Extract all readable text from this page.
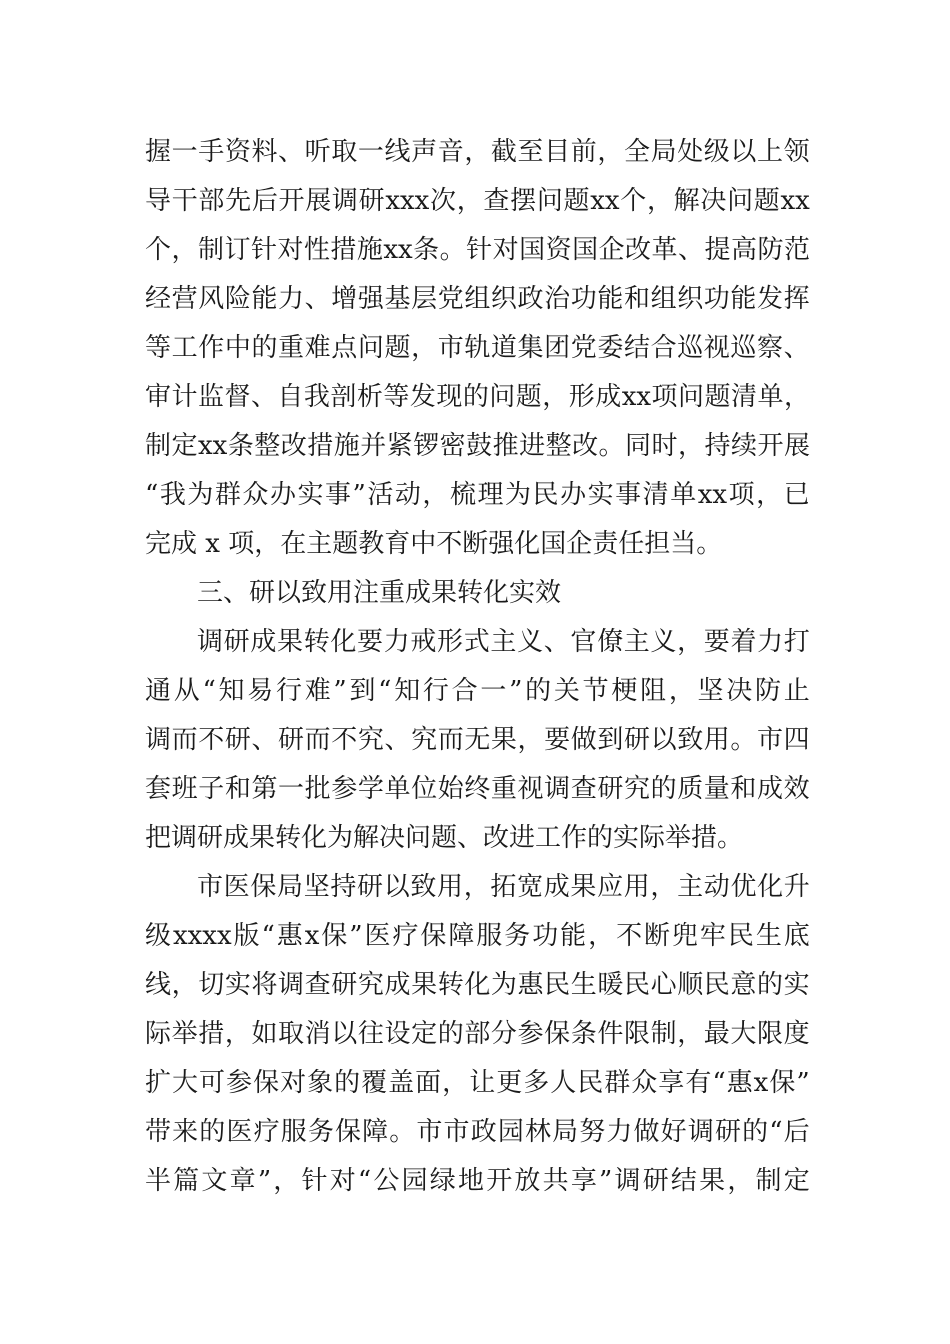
握 一 手 资 料 、 听 取 一 线 声 音 ， 截 至 目 前 ， 全 局 处 级 以 上 领
导 干 部 先 后 开 展 调 研 xxx 次 ， 查 摆 问 题 xx 个 ， 解 决 问 题 xx
个 ， 制 订 针 对 性 措 施 xx 条 。 针 对 国 资 国 企 改 革 、 提 高 防 范
经 营 风 险 能 力 、 增 强 基 层 党 组 织 政 治 功 能 和 组 织 功 能 发 挥
等 工 作 中 的 重 难 点 问 题 ， 市 轨 道 集 团 党 委 结 合 巡 视 巡 察 、
审 计 监 督 、 自 我 剖 析 等 发 现 的 问 题 ， 形 成 xx 项 问 题 清 单 ，
制 定 xx 条 整 改 措 施 并 紧 锣 密 鼓 推 进 整 改 。 同 时 ， 持 续 开 展
“ 我 为 群 众 办 实 事 ” 活 动 ， 梳 理 为 民 办 实 事 清 单 xx 项 ， 已
完成 x 项，在主题教育中不断强化国企责任担当。
三、研以致用注重成果转化实效
调 研 成 果 转 化 要 力 戒 形 式 主 义 、 官 僚 主 义 ， 要 着 力 打
通 从 “ 知 易 行 难 ” 到 “ 知 行 合 一 ” 的 关 节 梗 阻 ， 坚 决 防 止
调 而 不 研 、 研 而 不 究 、 究 而 无 果 ， 要 做 到 研 以 致 用 。 市 四
套 班 子 和 第 一 批 参 学 单 位 始 终 重 视 调 查 研 究 的 质 量 和 成 效
把调研成果转化为解决问题、改进工作的实际举措。
市 医 保 局 坚 持 研 以 致 用 ， 拓 宽 成 果 应 用 ， 主 动 优 化 升
级 xxxx 版 “ 惠 x 保 ” 医 疗 保 障 服 务 功 能 ， 不 断 兜 牢 民 生 底
线 ， 切 实 将 调 查 研 究 成 果 转 化 为 惠 民 生 暖 民 心 顺 民 意 的 实
际 举 措 ， 如 取 消 以 往 设 定 的 部 分 参 保 条 件 限 制 ， 最 大 限 度
扩 大 可 参 保 对 象 的 覆 盖 面 ， 让 更 多 人 民 群 众 享 有 “ 惠 x 保 ”
带 来 的 医 疗 服 务 保 障 。 市 市 政 园 林 局 努 力 做 好 调 研 的 “ 后
半 篇 文 章 ” ， 针 对 “ 公 园 绿 地 开 放 共 享 ” 调 研 结 果 ， 制 定
